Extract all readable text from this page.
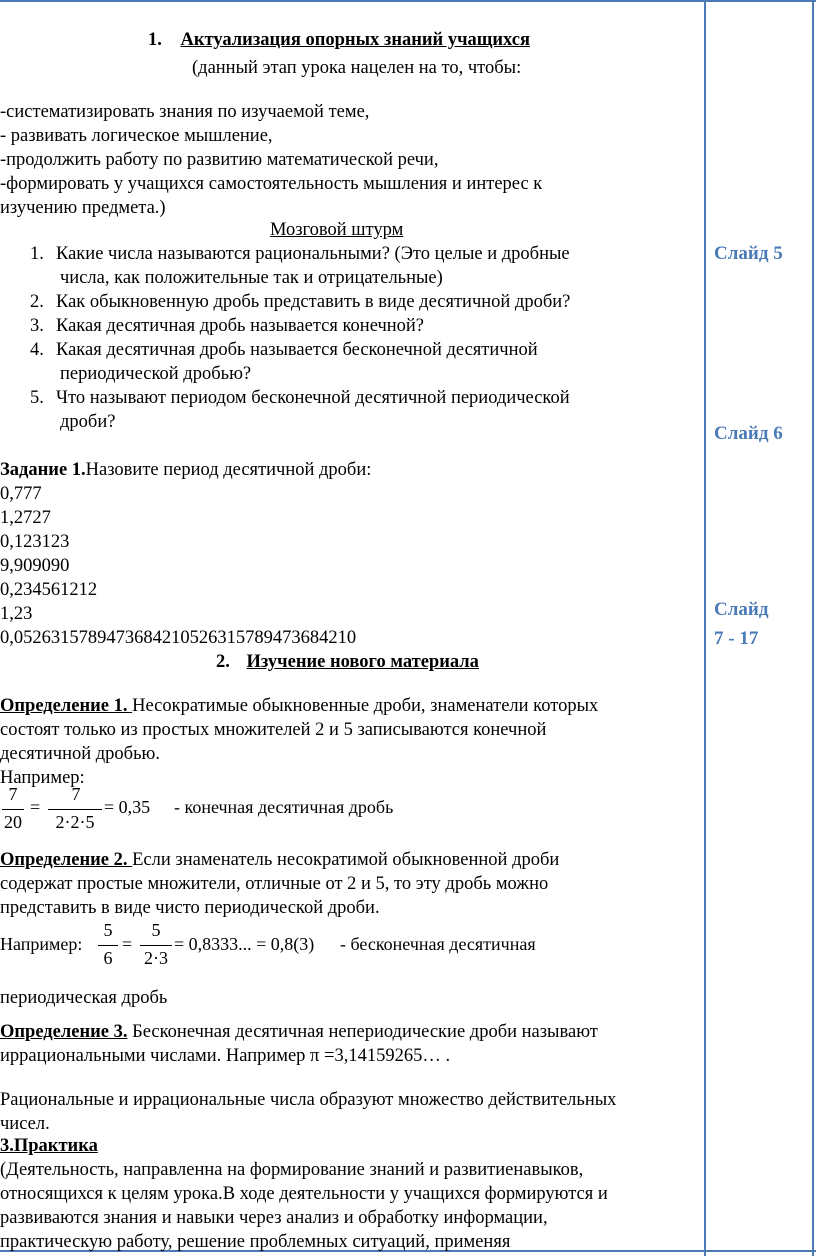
1. Актуализация опорных знаний учащихся
(данный этап урока нацелен на то, чтобы:
-систематизировать знания по изучаемой теме,
- развивать логическое мышление,
-продолжить работу по развитию математической речи,
-формировать у учащихся самостоятельность мышления и интерес к
изучению предмета.)
Мозговой штурм
1. Какие числа называются рациональными? (Это целые и дробные
числа, как положительные так и отрицательные)
2. Как обыкновенную дробь представить в виде десятичной дроби?
3. Какая десятичная дробь называется конечной?
4. Какая десятичная дробь называется бесконечной десятичной
периодической дробью?
5. Что называют периодом бесконечной десятичной периодической
дроби?
Задание 1.Назовите период десятичной дроби:
0,777
1,2727
0,123123
9,909090
0,234561212
1,23
0,0526315789473684210526315789473684210
2. Изучение нового материала
Определение 1. Несократимые обыкновенные дроби, знаменатели которых
состоят только из простых множителей 2 и 5 записываются конечной
десятичной дробью.
Например:
7
20
=
7
2·2·5
= 0,35 - конечная десятичная дробь
Определение 2. Если знаменатель несократимой обыкновенной дроби
содержат простые множители, отличные от 2 и 5, то эту дробь можно
представить в виде чисто периодической дроби.
Например:
5
6
=
5
2·3
= 0,8333... = 0,8(3) - бесконечная десятичная
периодическая дробь
Определение 3. Бесконечная десятичная непериодические дроби называют
иррациональными числами. Например π =3,14159265… .
Рациональные и иррациональные числа образуют множество действительных
чисел.
3.Практика
(Деятельность, направленна на формирование знаний и развитиенавыков,
относящихся к целям урока.В ходе деятельности у учащихся формируются и
развиваются знания и навыки через анализ и обработку информации,
практическую работу, решение проблемных ситуаций, применяя
Слайд 5
Слайд 6
Слайд
7 - 17
